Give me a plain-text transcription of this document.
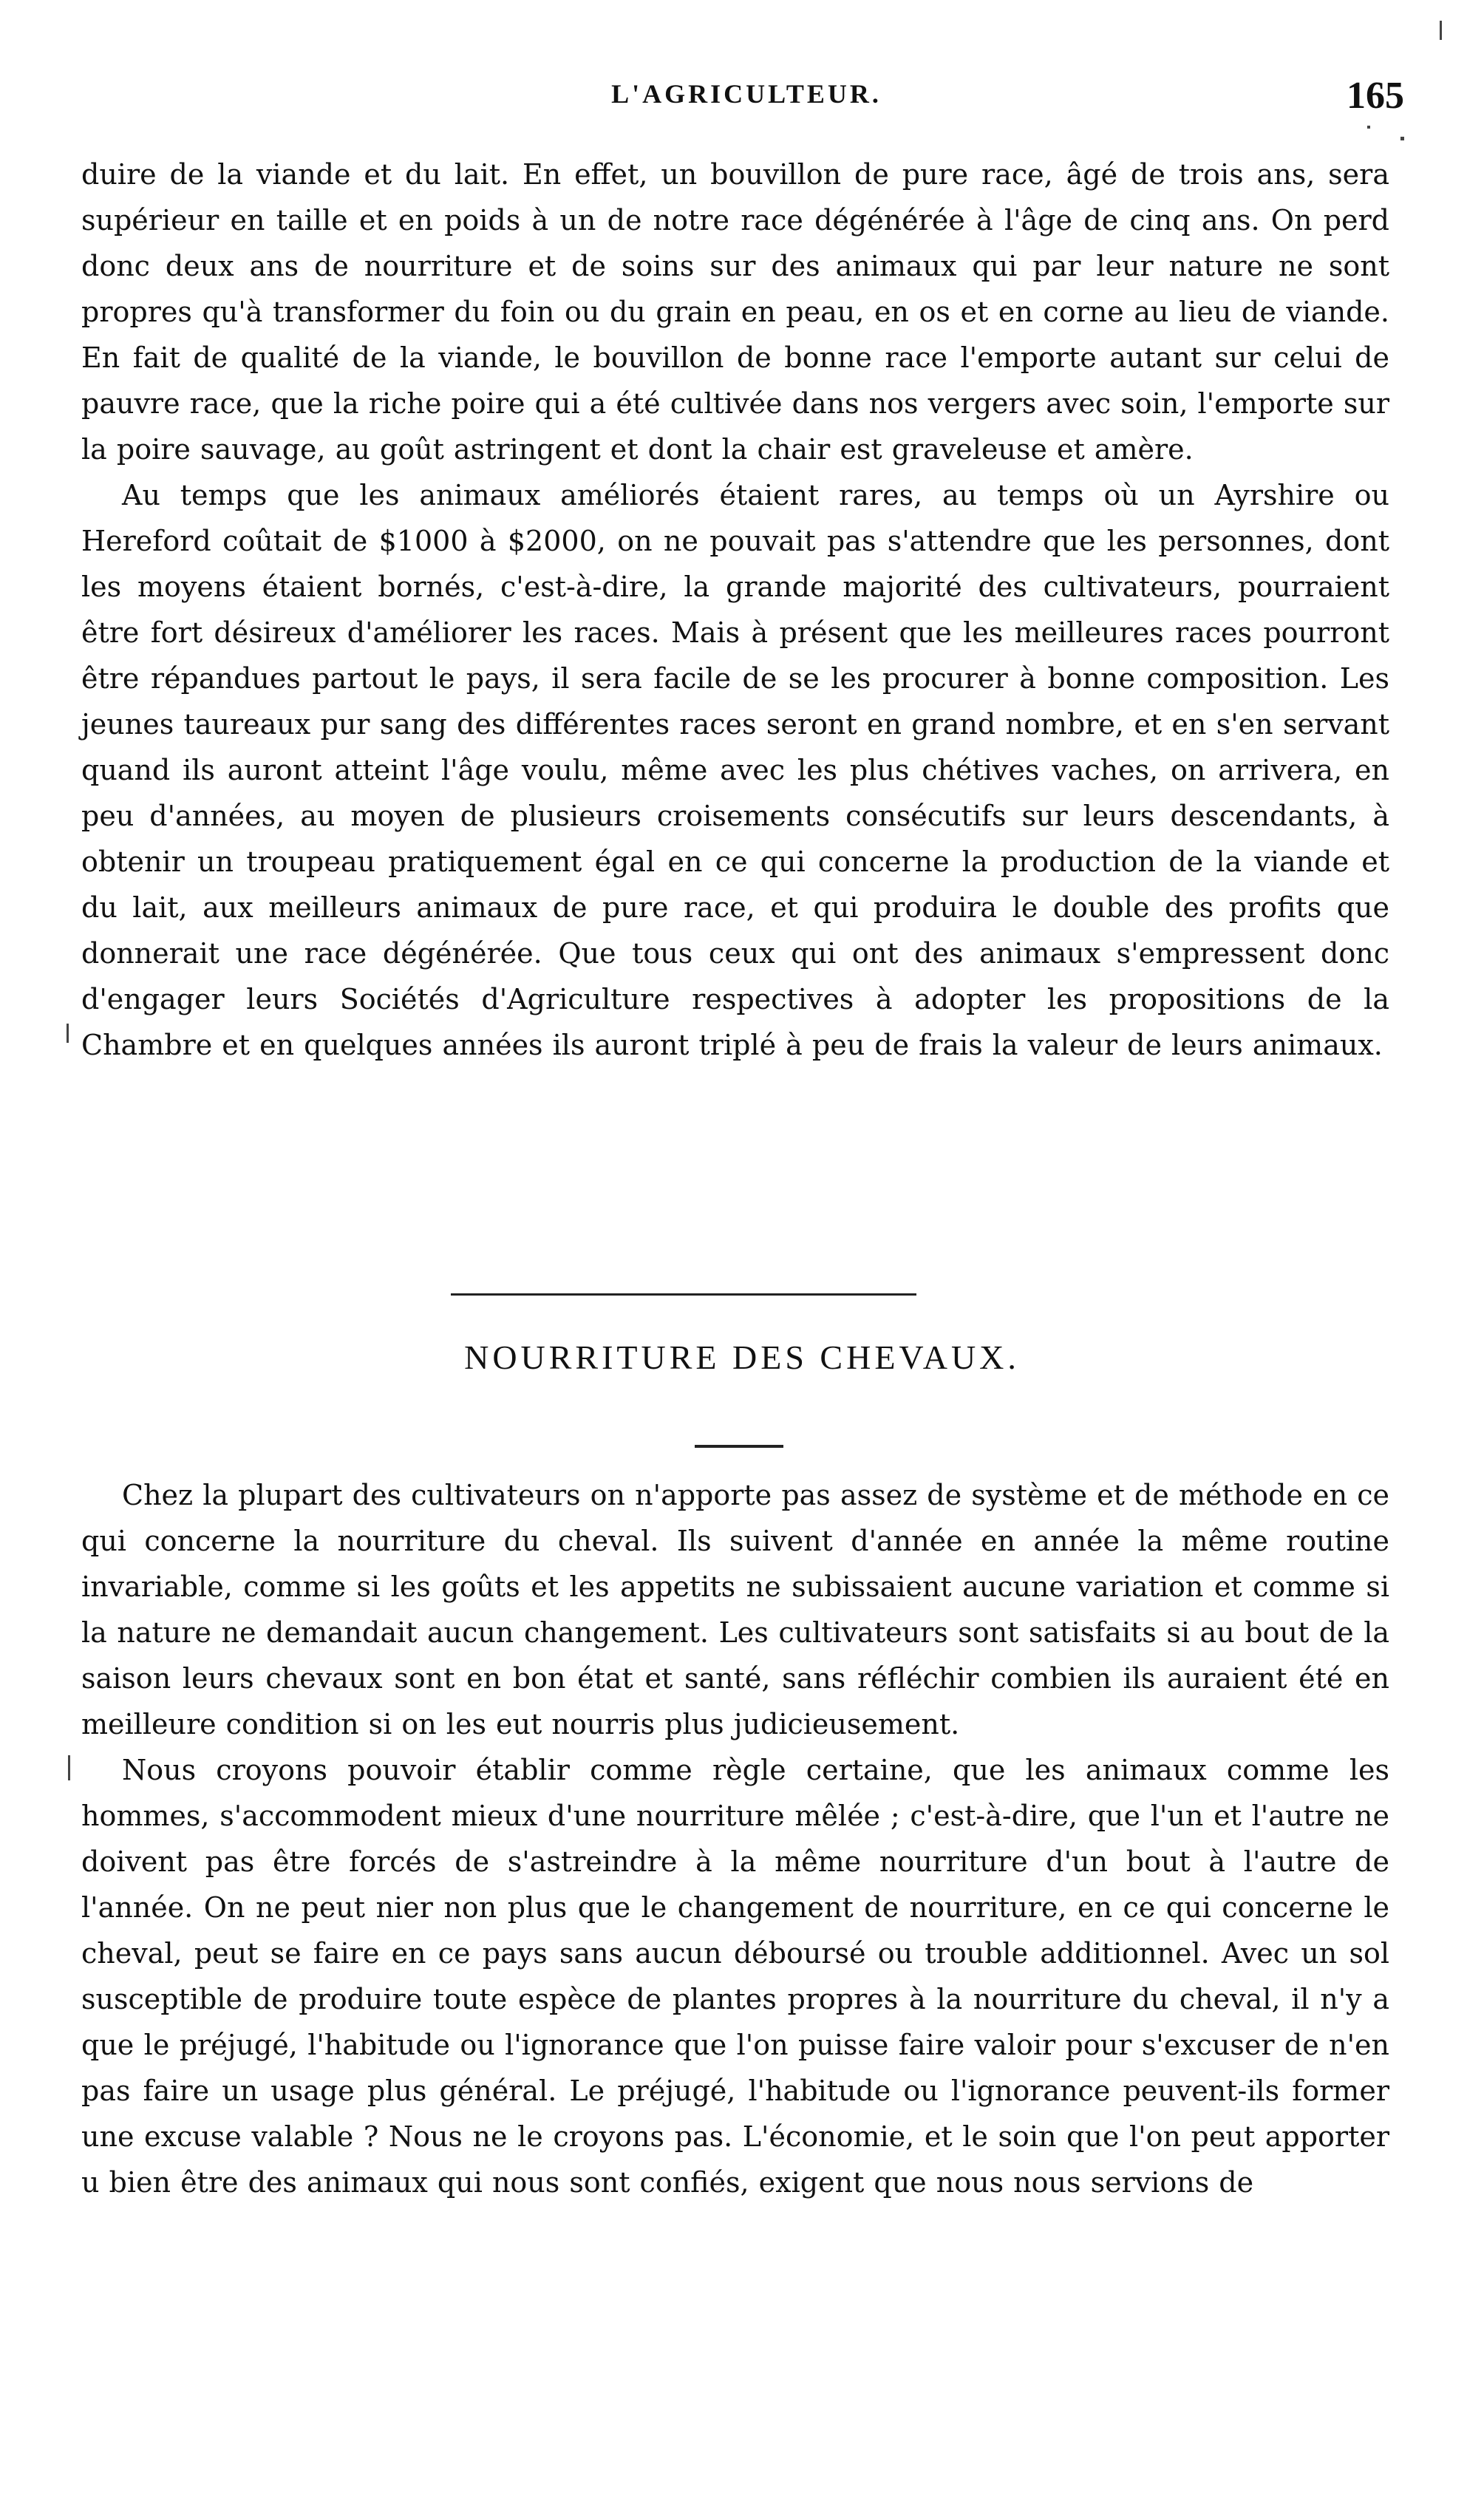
L'AGRICULTEUR.	165

duire de la viande et du lait. En effet, un bouvillon de pure race, âgé de trois ans, sera supérieur en taille et en poids à un de notre race dégénérée à l'âge de cinq ans. On perd donc deux ans de nourriture et de soins sur des animaux qui par leur nature ne sont propres qu'à transformer du foin ou du grain en peau, en os et en corne au lieu de viande. En fait de qualité de la viande, le bouvillon de bonne race l'emporte autant sur celui de pauvre race, que la riche poire qui a été cultivée dans nos vergers avec soin, l'emporte sur la poire sauvage, au goût astringent et dont la chair est graveleuse et amère.

Au temps que les animaux améliorés étaient rares, au temps où un Ayrshire ou Hereford coûtait de $1000 à $2000, on ne pouvait pas s'attendre que les personnes, dont les moyens étaient bornés, c'est-à-dire, la grande majorité des cultivateurs, pourraient être fort désireux d'améliorer les races. Mais à présent que les meilleures races pourront être répandues partout le pays, il sera facile de se les procurer à bonne composition. Les jeunes taureaux pur sang des différentes races seront en grand nombre, et en s'en servant quand ils auront atteint l'âge voulu, même avec les plus chétives vaches, on arrivera, en peu d'années, au moyen de plusieurs croisements consécutifs sur leurs descendants, à obtenir un troupeau pratiquement égal en ce qui concerne la production de la viande et du lait, aux meilleurs animaux de pure race, et qui produira le double des profits que donnerait une race dégénérée. Que tous ceux qui ont des animaux s'empressent donc d'engager leurs Sociétés d'Agriculture respectives à adopter les propositions de la Chambre et en quelques années ils auront triplé à peu de frais la valeur de leurs animaux.

NOURRITURE DES CHEVAUX.

Chez la plupart des cultivateurs on n'apporte pas assez de système et de méthode en ce qui concerne la nourriture du cheval. Ils suivent d'année en année la même routine invariable, comme si les goûts et les appetits ne subissaient aucune variation et comme si la nature ne demandait aucun changement. Les cultivateurs sont satisfaits si au bout de la saison leurs chevaux sont en bon état et santé, sans réfléchir combien ils auraient été en meilleure condition si on les eut nourris plus judicieusement.

Nous croyons pouvoir établir comme règle certaine, que les animaux comme les hommes, s'accommodent mieux d'une nourriture mêlée ; c'est-à-dire, que l'un et l'autre ne doivent pas être forcés de s'astreindre à la même nourriture d'un bout à l'autre de l'année. On ne peut nier non plus que le changement de nourriture, en ce qui concerne le cheval, peut se faire en ce pays sans aucun déboursé ou trouble additionnel. Avec un sol susceptible de produire toute espèce de plantes propres à la nourriture du cheval, il n'y a que le préjugé, l'habitude ou l'ignorance que l'on puisse faire valoir pour s'excuser de n'en pas faire un usage plus général. Le préjugé, l'habitude ou l'ignorance peuvent-ils former une excuse valable ? Nous ne le croyons pas. L'économie, et le soin que l'on peut apporter u bien être des animaux qui nous sont confiés, exigent que nous nous servions de
